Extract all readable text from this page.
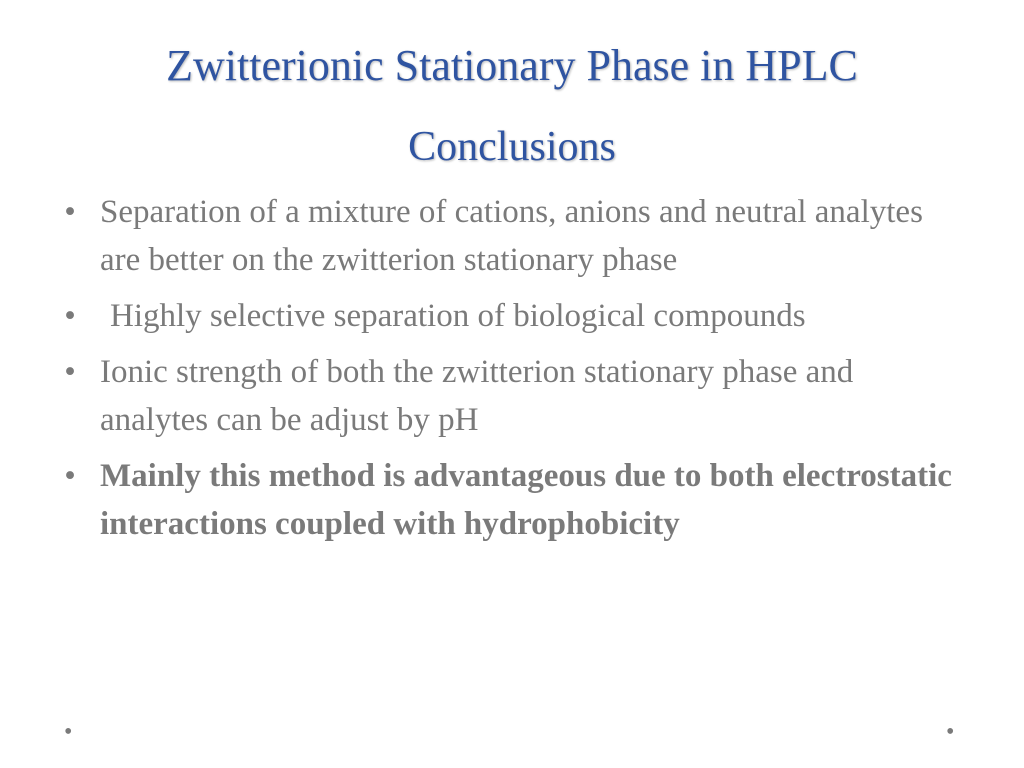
Zwitterionic Stationary Phase in HPLC
Conclusions
• Separation of a mixture of cations, anions and neutral analytes are better on the zwitterion stationary phase
• Highly selective separation of biological compounds
• Ionic strength of both the zwitterion stationary phase and analytes can be adjust by pH
• Mainly this method is advantageous due to both electrostatic interactions coupled with hydrophobicity
•	•
